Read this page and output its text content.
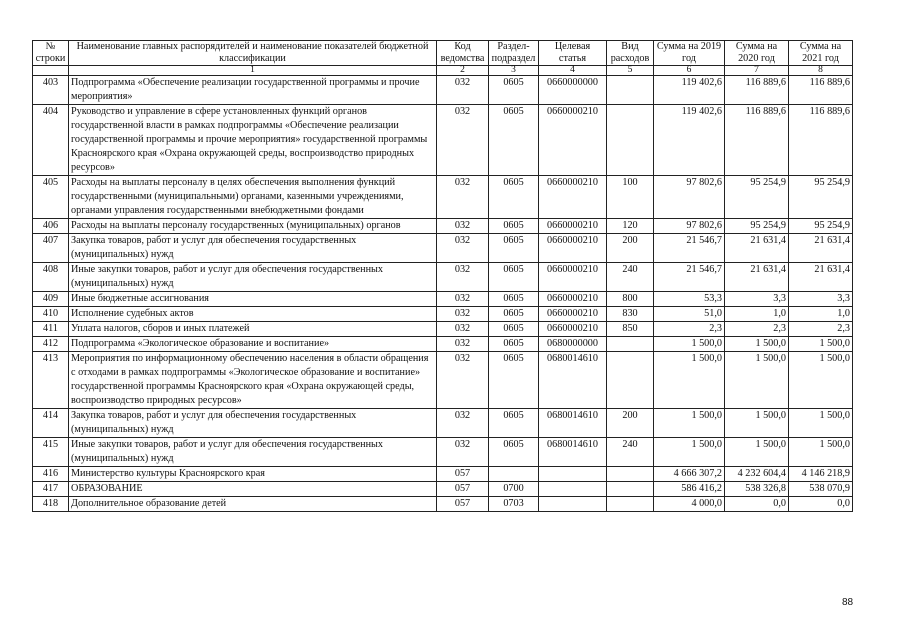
№ строки	Наименование главных распорядителей и наименование показателей бюджетной классификации	Код ведомства	Раздел-подраздел	Целевая статья	Вид расходов	Сумма на 2019 год	Сумма на 2020 год	Сумма на 2021 год
	1	2	3	4	5	6	7	8
403	Подпрограмма «Обеспечение реализации государственной программы и прочие мероприятия»	032	0605	0660000000		119 402,6	116 889,6	116 889,6
404	Руководство и управление в сфере установленных функций органов государственной власти в рамках подпрограммы «Обеспечение реализации государственной программы и прочие мероприятия» государственной программы Красноярского края «Охрана окружающей среды, воспроизводство природных ресурсов»	032	0605	0660000210		119 402,6	116 889,6	116 889,6
405	Расходы на выплаты персоналу в целях обеспечения выполнения функций государственными (муниципальными) органами, казенными учреждениями, органами управления государственными внебюджетными фондами	032	0605	0660000210	100	97 802,6	95 254,9	95 254,9
406	Расходы на выплаты персоналу государственных (муниципальных) органов	032	0605	0660000210	120	97 802,6	95 254,9	95 254,9
407	Закупка товаров, работ и услуг для обеспечения государственных (муниципальных) нужд	032	0605	0660000210	200	21 546,7	21 631,4	21 631,4
408	Иные закупки товаров, работ и услуг для обеспечения государственных (муниципальных) нужд	032	0605	0660000210	240	21 546,7	21 631,4	21 631,4
409	Иные бюджетные ассигнования	032	0605	0660000210	800	53,3	3,3	3,3
410	Исполнение судебных актов	032	0605	0660000210	830	51,0	1,0	1,0
411	Уплата налогов, сборов и иных платежей	032	0605	0660000210	850	2,3	2,3	2,3
412	Подпрограмма «Экологическое образование и воспитание»	032	0605	0680000000		1 500,0	1 500,0	1 500,0
413	Мероприятия по информационному обеспечению населения в области обращения с отходами в рамках подпрограммы «Экологическое образование и воспитание» государственной программы Красноярского края «Охрана окружающей среды, воспроизводство природных ресурсов»	032	0605	0680014610		1 500,0	1 500,0	1 500,0
414	Закупка товаров, работ и услуг для обеспечения государственных (муниципальных) нужд	032	0605	0680014610	200	1 500,0	1 500,0	1 500,0
415	Иные закупки товаров, работ и услуг для обеспечения государственных (муниципальных) нужд	032	0605	0680014610	240	1 500,0	1 500,0	1 500,0
416	Министерство культуры Красноярского края	057				4 666 307,2	4 232 604,4	4 146 218,9
417	ОБРАЗОВАНИЕ	057	0700			586 416,2	538 326,8	538 070,9
418	Дополнительное образование детей	057	0703			4 000,0	0,0	0,0
88
